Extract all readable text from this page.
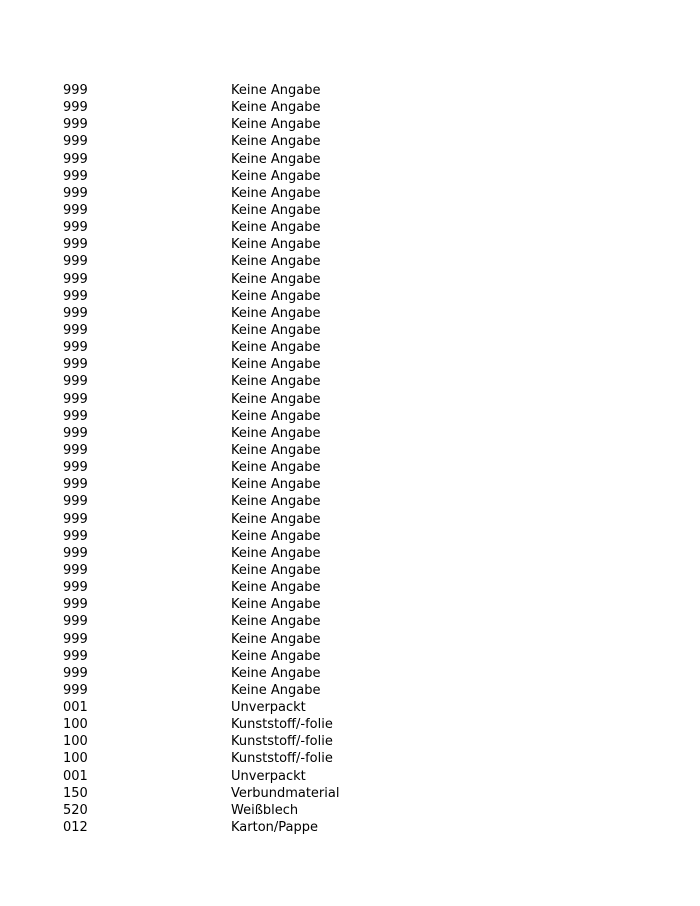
999	Keine Angabe
999	Keine Angabe
999	Keine Angabe
999	Keine Angabe
999	Keine Angabe
999	Keine Angabe
999	Keine Angabe
999	Keine Angabe
999	Keine Angabe
999	Keine Angabe
999	Keine Angabe
999	Keine Angabe
999	Keine Angabe
999	Keine Angabe
999	Keine Angabe
999	Keine Angabe
999	Keine Angabe
999	Keine Angabe
999	Keine Angabe
999	Keine Angabe
999	Keine Angabe
999	Keine Angabe
999	Keine Angabe
999	Keine Angabe
999	Keine Angabe
999	Keine Angabe
999	Keine Angabe
999	Keine Angabe
999	Keine Angabe
999	Keine Angabe
999	Keine Angabe
999	Keine Angabe
999	Keine Angabe
999	Keine Angabe
999	Keine Angabe
999	Keine Angabe
001	Unverpackt
100	Kunststoff/-folie
100	Kunststoff/-folie
100	Kunststoff/-folie
001	Unverpackt
150	Verbundmaterial
520	Weißblech
012	Karton/Pappe
